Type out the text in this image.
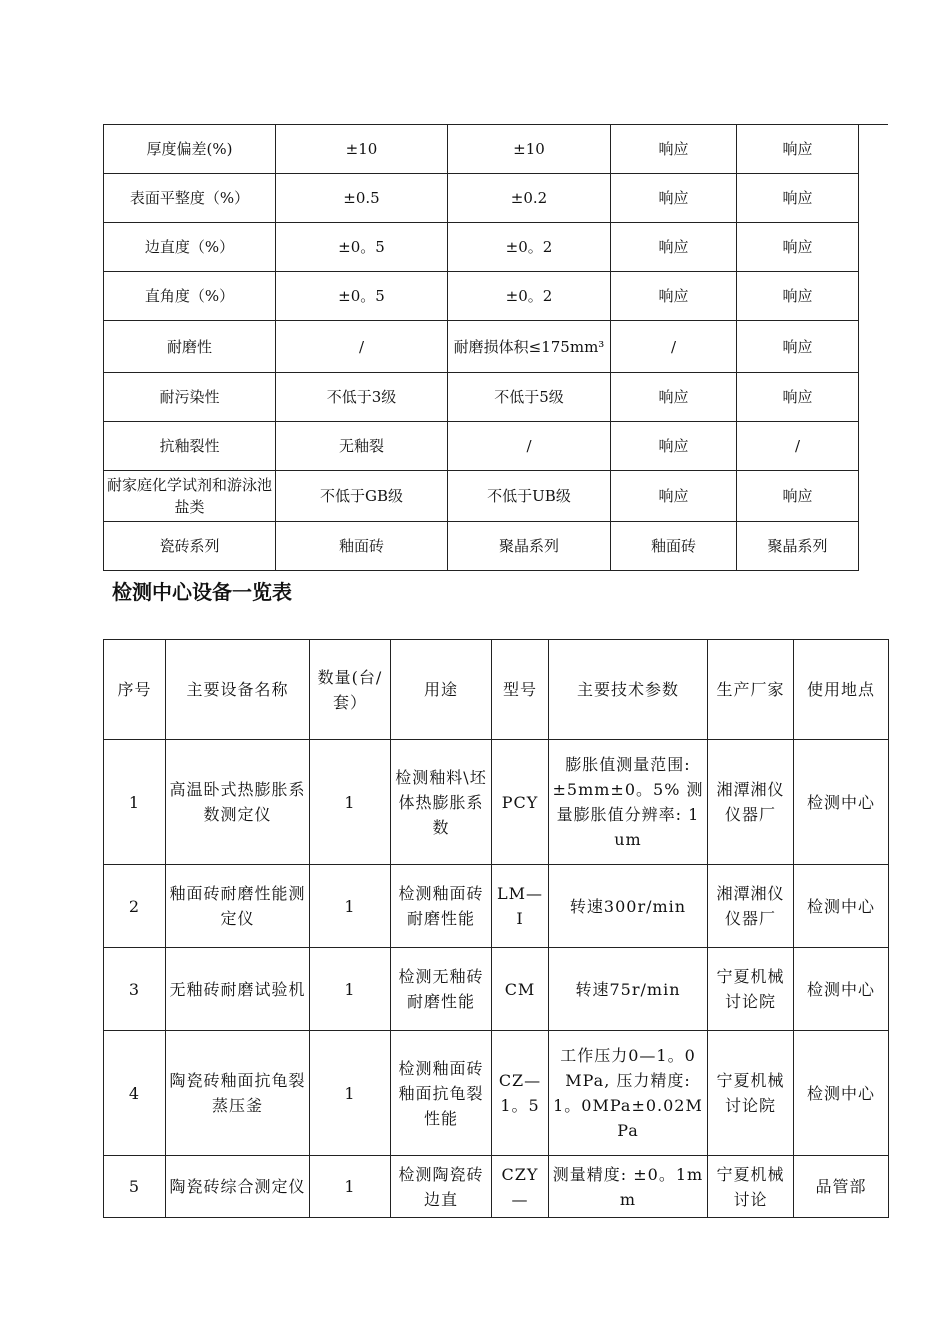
厚度偏差(%)	±10	±10	响应	响应
表面平整度（%）	±0.5	±0.2	响应	响应
边直度（%）	±0。5	±0。2	响应	响应
直角度（%）	±0。5	±0。2	响应	响应
耐磨性	/	耐磨损体积≤175mm³	/	响应
耐污染性	不低于3级	不低于5级	响应	响应
抗釉裂性	无釉裂	/	响应	/
耐家庭化学试剂和游泳池盐类	不低于GB级	不低于UB级	响应	响应
瓷砖系列	釉面砖	聚晶系列	釉面砖	聚晶系列
检测中心设备一览表
序号	主要设备名称	数量(台/套）	用途	型号	主要技术参数	生产厂家	使用地点
1	高温卧式热膨胀系数测定仪	1	检测釉料\坯体热膨胀系数	PCY	膨胀值测量范围: ±5mm±0。5% 测量膨胀值分辨率: 1um	湘潭湘仪仪器厂	检测中心
2	釉面砖耐磨性能测定仪	1	检测釉面砖耐磨性能	LM—I	转速300r/min	湘潭湘仪仪器厂	检测中心
3	无釉砖耐磨试验机	1	检测无釉砖耐磨性能	CM	转速75r/min	宁夏机械讨论院	检测中心
4	陶瓷砖釉面抗龟裂蒸压釜	1	检测釉面砖釉面抗龟裂性能	CZ—1。5	工作压力0—1。0MPa, 压力精度:1。0MPa±0.02MPa	宁夏机械讨论院	检测中心
5	陶瓷砖综合测定仪	1	检测陶瓷砖边直	CZY—	测量精度: ±0。1mm	宁夏机械讨论	品管部
